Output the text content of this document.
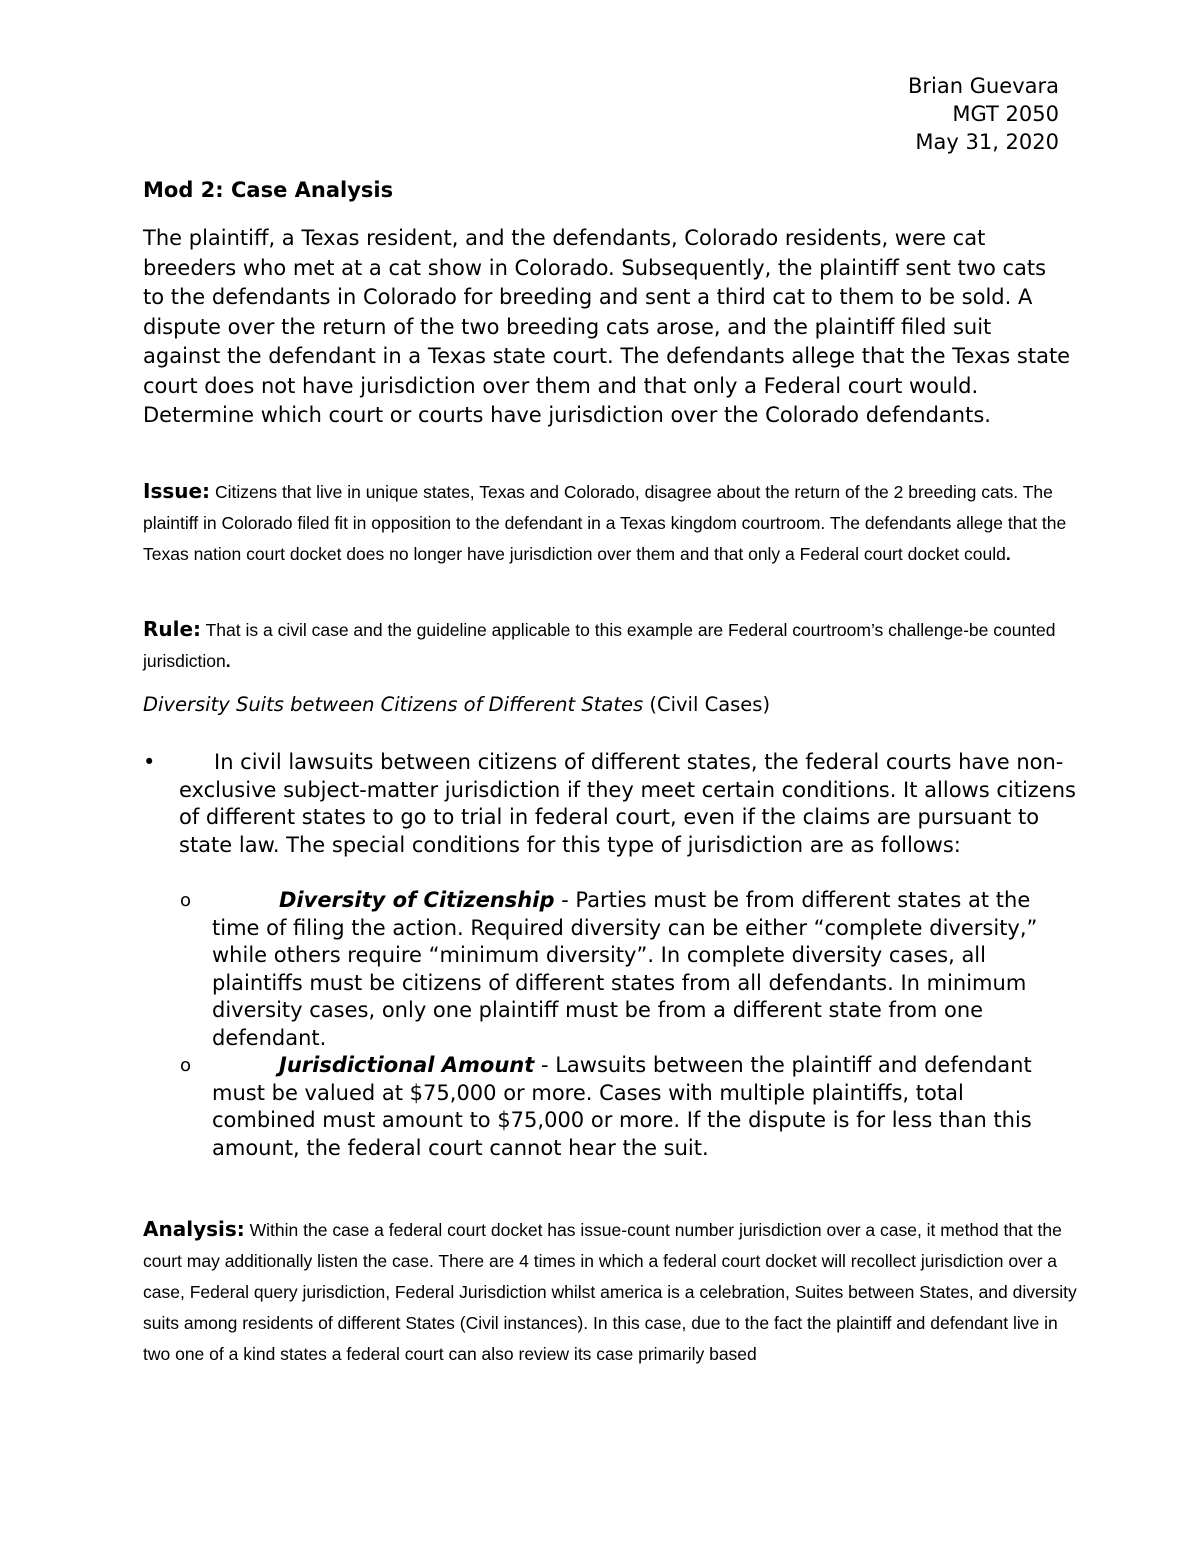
Brian Guevara
MGT 2050
May 31, 2020
Mod 2: Case Analysis

The plaintiff, a Texas resident, and the defendants, Colorado residents, were cat breeders who met at a cat show in Colorado. Subsequently, the plaintiff sent two cats to the defendants in Colorado for breeding and sent a third cat to them to be sold. A dispute over the return of the two breeding cats arose, and the plaintiff filed suit against the defendant in a Texas state court. The defendants allege that the Texas state court does not have jurisdiction over them and that only a Federal court would. Determine which court or courts have jurisdiction over the Colorado defendants.

Issue: Citizens that live in unique states, Texas and Colorado, disagree about the return of the 2 breeding cats. The plaintiff in Colorado filed fit in opposition to the defendant in a Texas kingdom courtroom. The defendants allege that the Texas nation court docket does no longer have jurisdiction over them and that only a Federal court docket could.
Rule: That is a civil case and the guideline applicable to this example are Federal courtroom’s challenge-be counted jurisdiction.
Diversity Suits between Citizens of Different States (Civil Cases)
•	In civil lawsuits between citizens of different states, the federal courts have non-exclusive subject-matter jurisdiction if they meet certain conditions. It allows citizens of different states to go to trial in federal court, even if the claims are pursuant to state law. The special conditions for this type of jurisdiction are as follows:
o	Diversity of Citizenship - Parties must be from different states at the time of filing the action. Required diversity can be either “complete diversity,” while others require “minimum diversity”. In complete diversity cases, all plaintiffs must be citizens of different states from all defendants. In minimum diversity cases, only one plaintiff must be from a different state from one defendant.
o	Jurisdictional Amount - Lawsuits between the plaintiff and defendant must be valued at $75,000 or more. Cases with multiple plaintiffs, total combined must amount to $75,000 or more. If the dispute is for less than this amount, the federal court cannot hear the suit.
Analysis: Within the case a federal court docket has issue-count number jurisdiction over a case, it method that the court may additionally listen the case. There are 4 times in which a federal court docket will recollect jurisdiction over a case, Federal query jurisdiction, Federal Jurisdiction whilst america is a celebration, Suites between States, and diversity suits among residents of different States (Civil instances). In this case, due to the fact the plaintiff and defendant live in two one of a kind states a federal court can also review its case primarily based
